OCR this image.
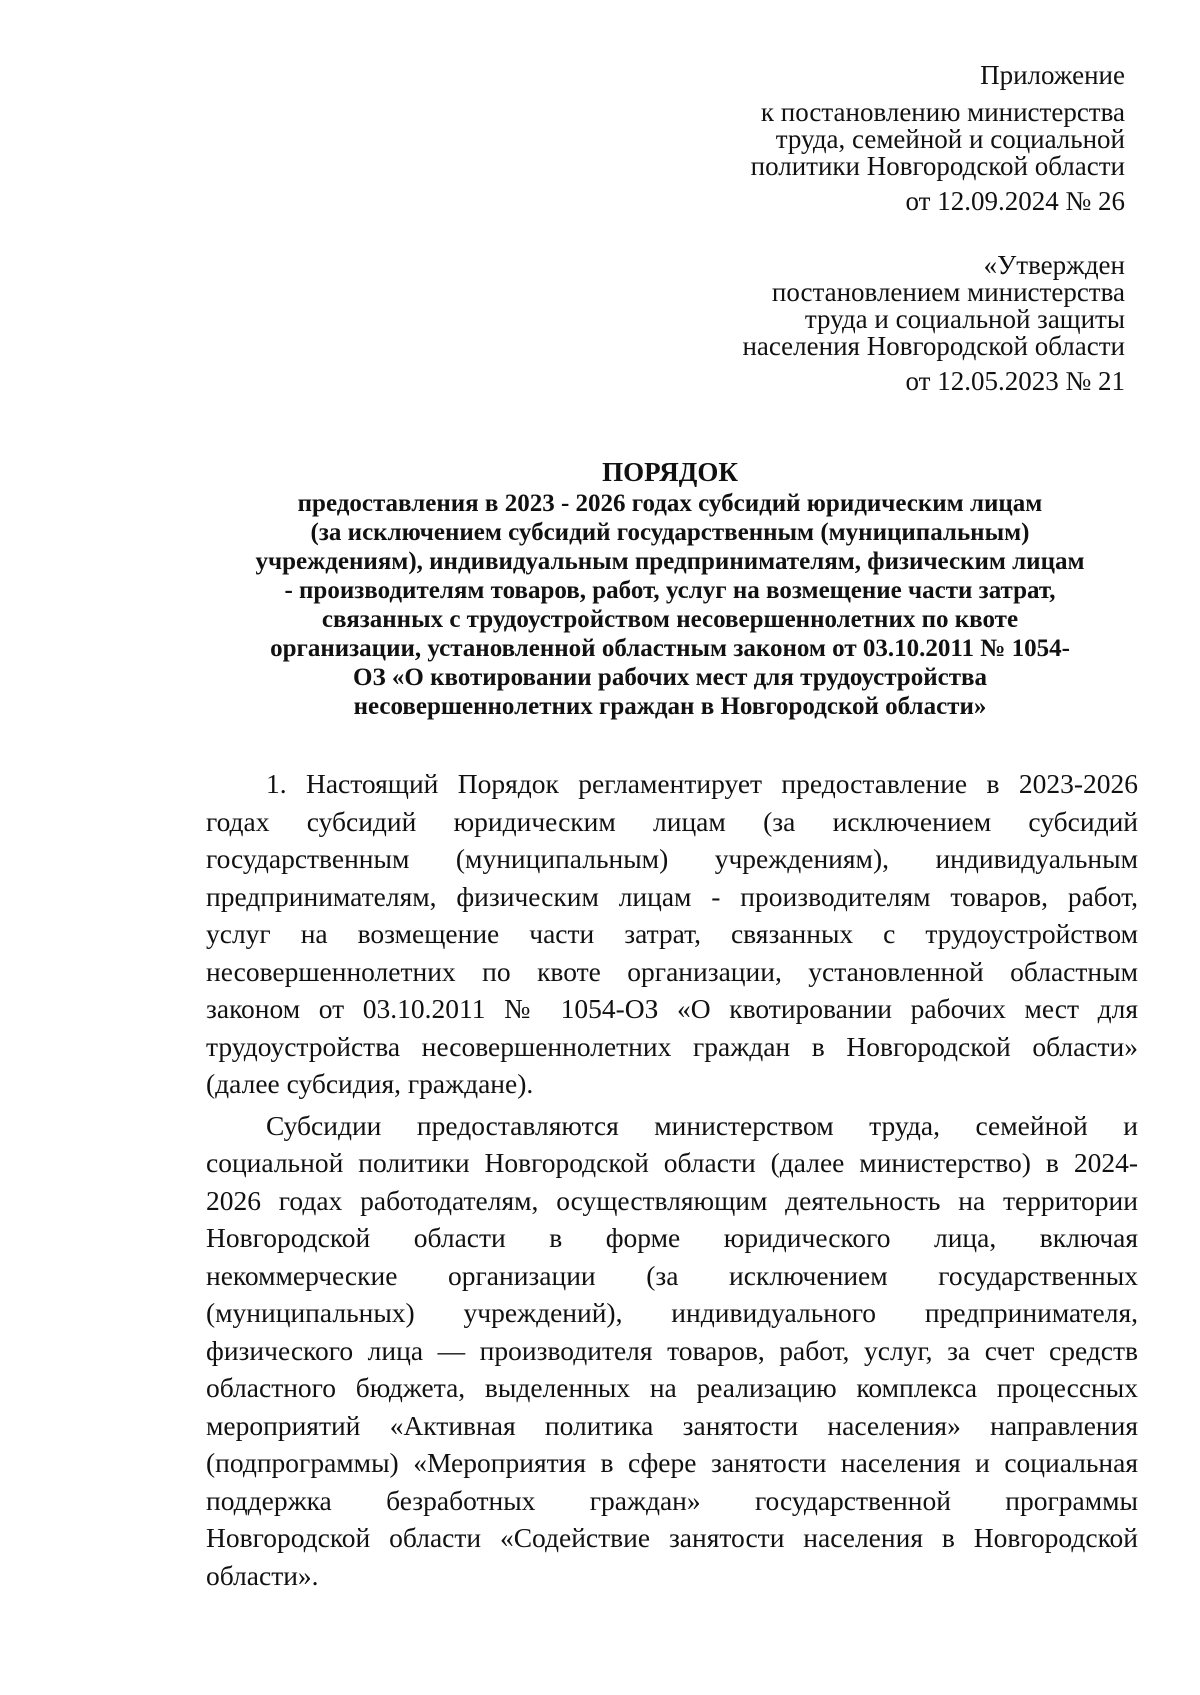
Приложение
к постановлению министерства
труда, семейной и социальной
политики Новгородской области
от 12.09.2024 № 26
«Утвержден
постановлением министерства
труда и социальной защиты
населения Новгородской области
от 12.05.2023 № 21
ПОРЯДОК
предоставления в 2023 - 2026 годах субсидий юридическим лицам
(за исключением субсидий государственным (муниципальным)
учреждениям), индивидуальным предпринимателям, физическим лицам
- производителям товаров, работ, услуг на возмещение части затрат,
связанных с трудоустройством несовершеннолетних по квоте
организации, установленной областным законом от 03.10.2011 № 1054-
ОЗ «О квотировании рабочих мест для трудоустройства
несовершеннолетних граждан в Новгородской области»
1. Настоящий Порядок регламентирует предоставление в 2023-2026
годах субсидий юридическим лицам (за исключением субсидий
государственным (муниципальным) учреждениям), индивидуальным
предпринимателям, физическим лицам - производителям товаров, работ,
услуг на возмещение части затрат, связанных с трудоустройством
несовершеннолетних по квоте организации, установленной областным
законом от 03.10.2011 № 1054-ОЗ «О квотировании рабочих мест для
трудоустройства несовершеннолетних граждан в Новгородской области»
(далее субсидия, граждане).
Субсидии предоставляются министерством труда, семейной и
социальной политики Новгородской области (далее министерство) в 2024-
2026 годах работодателям, осуществляющим деятельность на территории
Новгородской области в форме юридического лица, включая
некоммерческие организации (за исключением государственных
(муниципальных) учреждений), индивидуального предпринимателя,
физического лица — производителя товаров, работ, услуг, за счет средств
областного бюджета, выделенных на реализацию комплекса процессных
мероприятий «Активная политика занятости населения» направления
(подпрограммы) «Мероприятия в сфере занятости населения и социальная
поддержка безработных граждан» государственной программы
Новгородской области «Содействие занятости населения в Новгородской
области».
